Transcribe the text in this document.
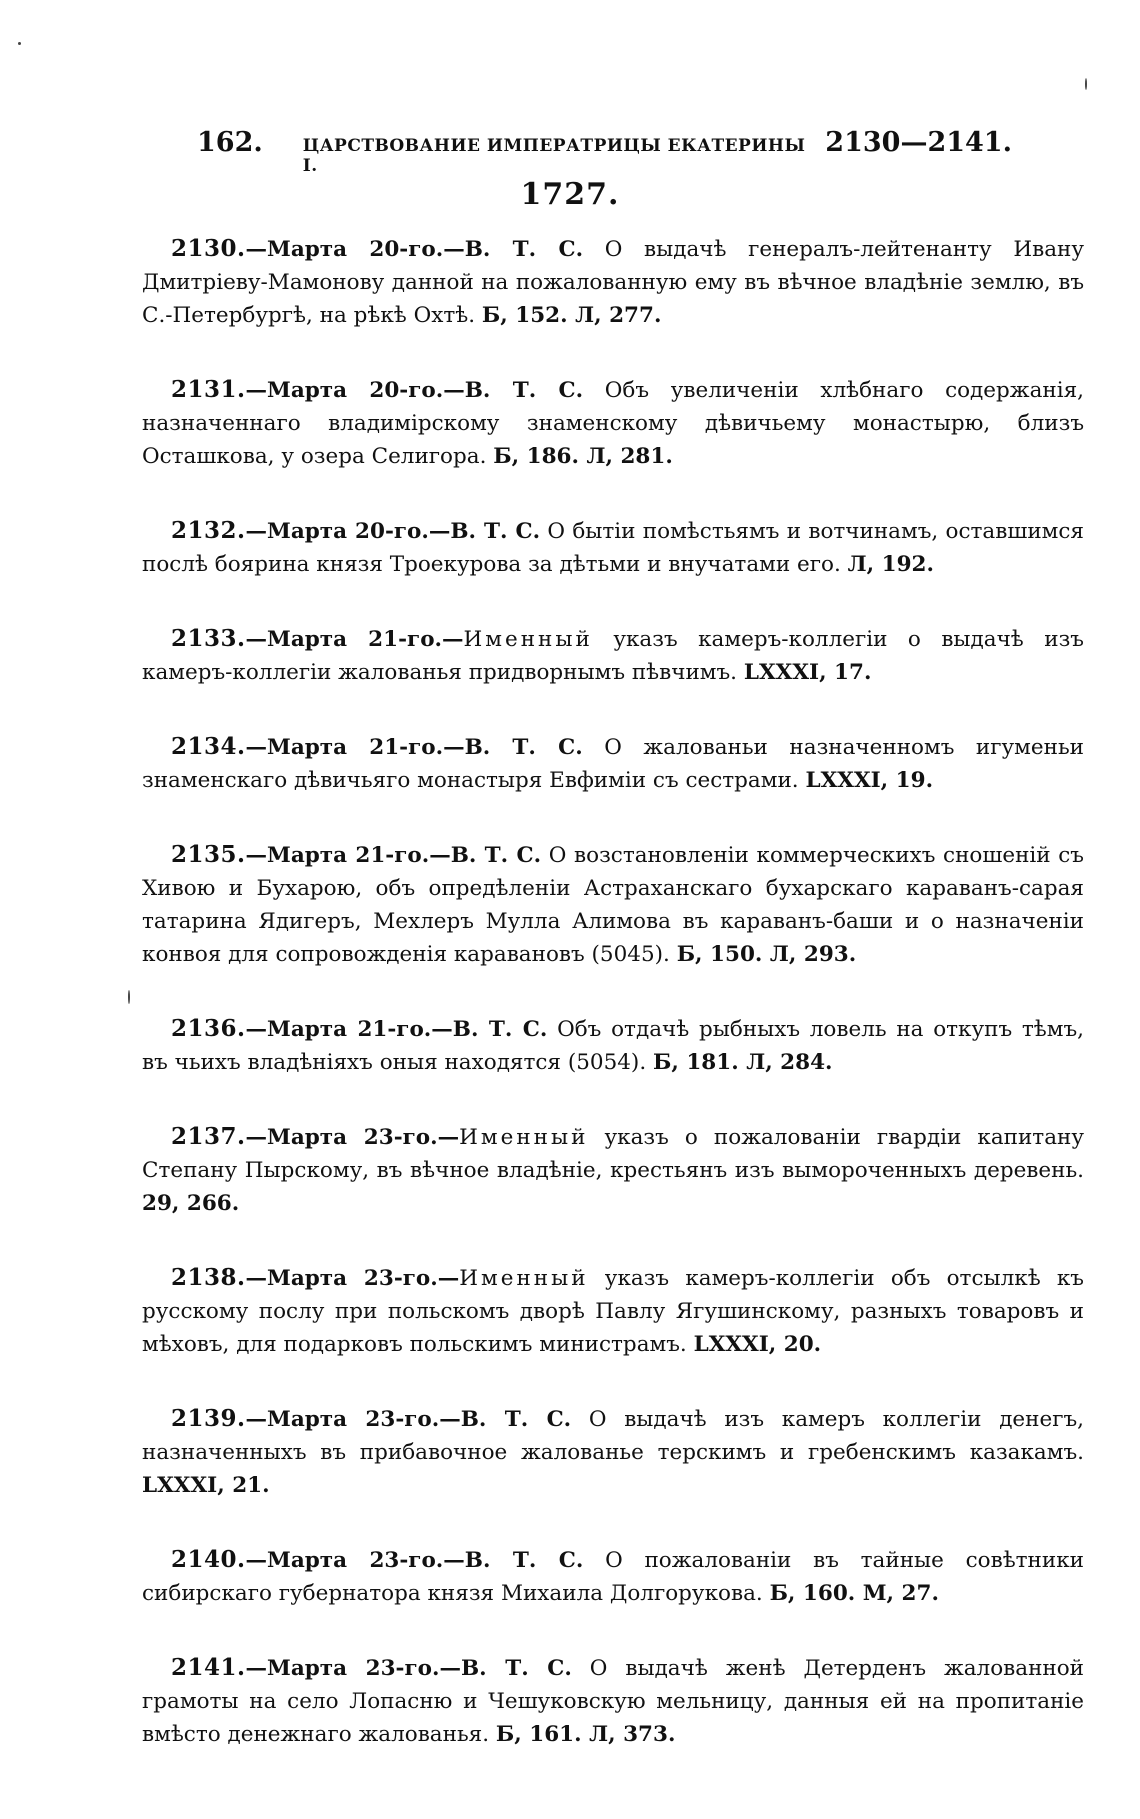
162. ЦАРСТВОВАНИЕ ИМПЕРАТРИЦЫ ЕКАТЕРИНЫ I.
2130—2141.
1727.

2130.—Марта 20-го.—В. Т. С. О выдачѣ генералъ-лейтенанту Ивану Дмитріеву-Мамонову данной на пожалованную ему въ вѣчное владѣніе землю, въ С.-Петербургѣ, на рѣкѣ Охтѣ. Б, 152. Л, 277.

2131.—Марта 20-го.—В. Т. С. Объ увеличеніи хлѣбнаго содержанія, назначеннаго владимірскому знаменскому дѣвичьему монастырю, близъ Осташкова, у озера Селигора. Б, 186. Л, 281.

2132.—Марта 20-го.—В. Т. С. О бытіи помѣстьямъ и вотчинамъ, оставшимся послѣ боярина князя Троекурова за дѣтьми и внучатами его. Л, 192.

2133.—Марта 21-го.—Именный указъ камеръ-коллегіи о выдачѣ изъ камеръ-коллегіи жалованья придворнымъ пѣвчимъ. LXXXI, 17.

2134.—Марта 21-го.—В. Т. С. О жалованьи назначенномъ игуменьи знаменскаго дѣвичьяго монастыря Евфиміи съ сестрами. LXXXI, 19.

2135.—Марта 21-го.—В. Т. С. О возстановленіи коммерческихъ сношеній съ Хивою и Бухарою, объ опредѣленіи Астраханскаго бухарскаго караванъ-сарая татарина Ядигеръ, Мехлеръ Мулла Алимова въ караванъ-баши и о назначеніи конвоя для сопровожденія каравановъ (5045). Б, 150. Л, 293.

2136.—Марта 21-го.—В. Т. С. Объ отдачѣ рыбныхъ ловель на откупъ тѣмъ, въ чьихъ владѣніяхъ оныя находятся (5054). Б, 181. Л, 284.

2137.—Марта 23-го.—Именный указъ о пожалованіи гвардіи капитану Степану Пырскому, въ вѣчное владѣніе, крестьянъ изъ вымороченныхъ деревень. 29, 266.

2138.—Марта 23-го.—Именный указъ камеръ-коллегіи объ отсылкѣ къ русскому послу при польскомъ дворѣ Павлу Ягушинскому, разныхъ товаровъ и мѣховъ, для подарковъ польскимъ министрамъ. LXXXI, 20.

2139.—Марта 23-го.—В. Т. С. О выдачѣ изъ камеръ коллегіи денегъ, назначенныхъ въ прибавочное жалованье терскимъ и гребенскимъ казакамъ. LXXXI, 21.

2140.—Марта 23-го.—В. Т. С. О пожалованіи въ тайные совѣтники сибирскаго губернатора князя Михаила Долгорукова. Б, 160. М, 27.

2141.—Марта 23-го.—В. Т. С. О выдачѣ женѣ Детерденъ жалованной грамоты на село Лопасню и Чешуковскую мельницу, данныя ей на пропитаніе вмѣсто денежнаго жалованья. Б, 161. Л, 373.
